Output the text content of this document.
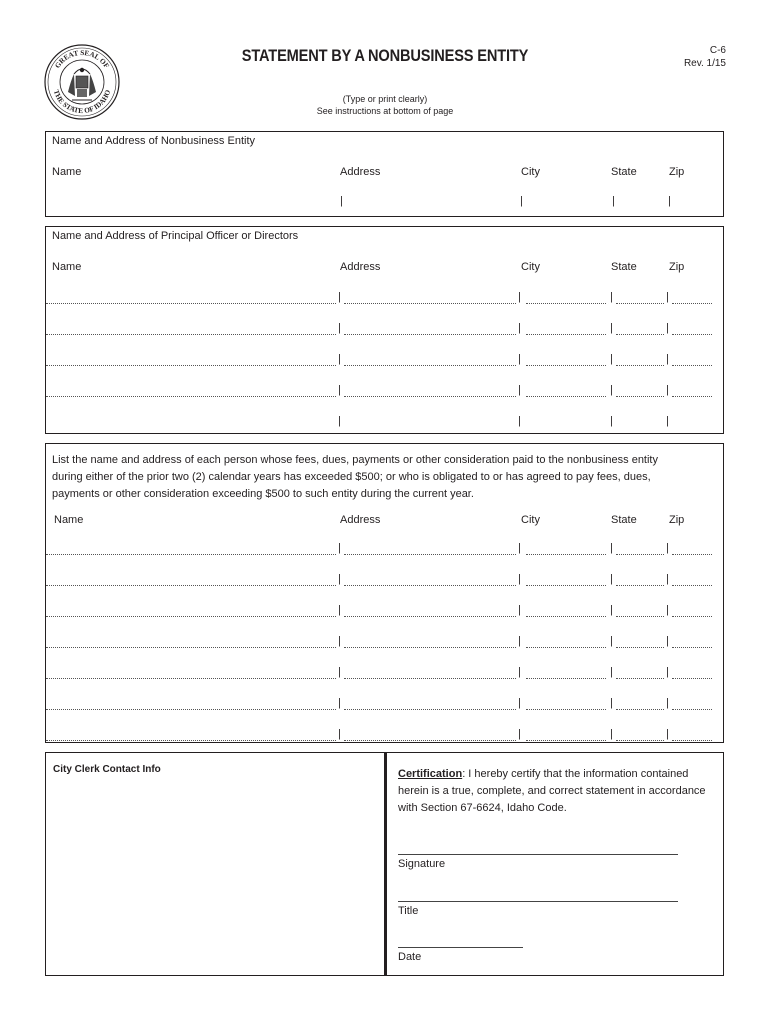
GREAT SEAL OF
THE STATE OF IDAHO
STATEMENT BY A NONBUSINESS ENTITY	C-6
Rev. 1/15
(Type or print clearly)
See instructions at bottom of page
Name and Address of Nonbusiness Entity
Name	Address	City	State	Zip
|	|	|	|
Name and Address of Principal Officer or Directors
Name	Address	City	State	Zip
|	|	|	|
|	|	|	|
|	|	|	|
|	|	|	|
|	|	|	|
List the name and address of each person whose fees, dues, payments or other consideration paid to the nonbusiness entity during either of the prior two (2) calendar years has exceeded $500; or who is obligated to or has agreed to pay fees, dues, payments or other consideration exceeding $500 to such entity during the current year.
Name	Address	City	State	Zip
|	|	|	|
|	|	|	|
|	|	|	|
|	|	|	|
|	|	|	|
|	|	|	|
|	|	|	|
City Clerk Contact Info	Certification: I hereby certify that the information contained herein is a true, complete, and correct statement in accordance with Section 67-6624, Idaho Code.
Signature
Title
Date
